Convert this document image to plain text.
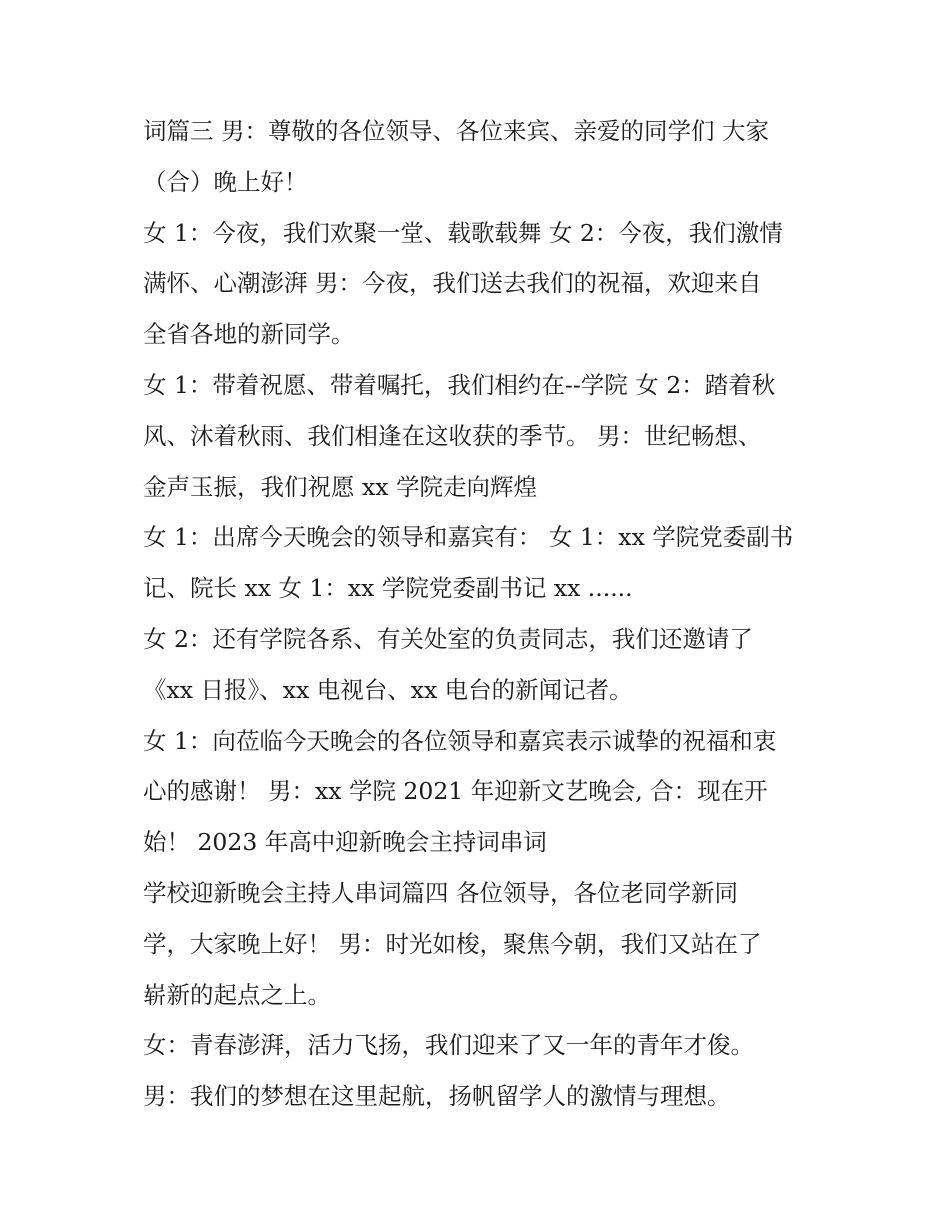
词篇三 男：尊敬的各位领导、各位来宾、亲爱的同学们 大家
（合）晚上好！
女 1：今夜，我们欢聚一堂、载歌载舞 女 2：今夜，我们激情
满怀、心潮澎湃 男：今夜，我们送去我们的祝福，欢迎来自
全省各地的新同学。
女 1：带着祝愿、带着嘱托，我们相约在--学院 女 2：踏着秋
风、沐着秋雨、我们相逢在这收获的季节。 男：世纪畅想、
金声玉振，我们祝愿 xx 学院走向辉煌
女 1：出席今天晚会的领导和嘉宾有： 女 1：xx 学院党委副书
记、院长 xx 女 1：xx 学院党委副书记 xx ......
女 2：还有学院各系、有关处室的负责同志，我们还邀请了
《xx 日报》、xx 电视台、xx 电台的新闻记者。
女 1：向莅临今天晚会的各位领导和嘉宾表示诚挚的祝福和衷
心的感谢！ 男：xx 学院 2021 年迎新文艺晚会, 合：现在开
始！ 2023 年高中迎新晚会主持词串词
学校迎新晚会主持人串词篇四 各位领导，各位老同学新同
学，大家晚上好！ 男：时光如梭，聚焦今朝，我们又站在了
崭新的起点之上。
女：青春澎湃，活力飞扬，我们迎来了又一年的青年才俊。
男：我们的梦想在这里起航，扬帆留学人的激情与理想。
